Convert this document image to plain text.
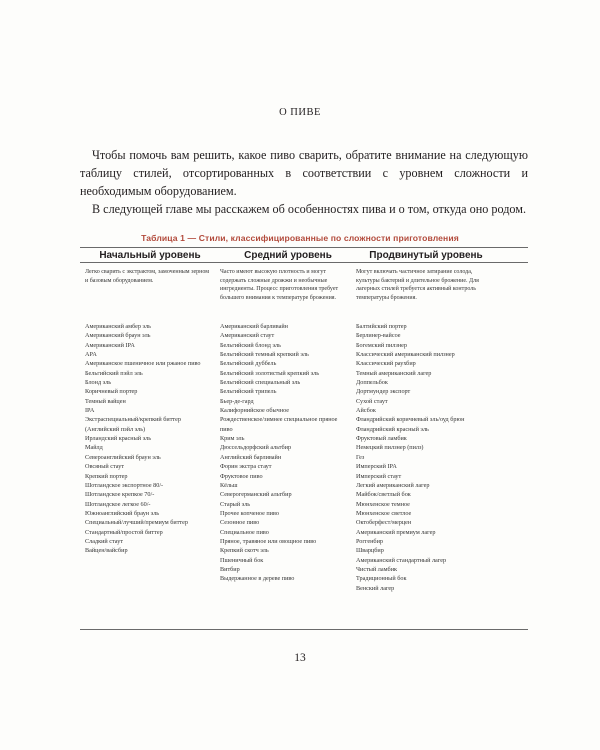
О ПИВЕ

Чтобы помочь вам решить, какое пиво сварить, обратите внимание на следующую таблицу стилей, отсортированных в соответствии с уровнем сложности и необходимым оборудованием.

В следующей главе мы расскажем об особенностях пива и о том, откуда оно родом.

Таблица 1 — Стили, классифицированные по сложности приготовления
Начальный уровень	Средний уровень	Продвинутый уровень
Легко сварить с экстрактом, замоченным зерном и базовым оборудованием.
Часто имеют высокую плотность и могут содержать сложные дрожжи и необычные ингредиенты. Процесс приготовления требует большего внимания к температуре брожения.
Могут включать частичное затирание солода, культуры бактерий и длительное брожение. Для лагерных стилей требуется активный контроль температуры брожения.
Американский амбер эль
Американский браун эль
Американский IPA
APA
Американское пшеничное или ржаное пиво
Бельгийский пэйл эль
Блонд эль
Коричневый портер
Темный вайцен
IPA
Экстраспециальный/крепкий биттер (Английский пэйл эль)
Ирландский красный эль
Майлд
Североанглийский браун эль
Овсяный стаут
Крепкий портер
Шотландское экспортное 80/-
Шотландское крепкое 70/-
Шотландское легкое 60/-
Южноанглийский браун эль
Специальный/лучший/премиум биттер
Стандартный/простой биттер
Сладкий стаут
Вайцен/вайсбир
Американский барливайн
Американский стаут
Бельгийский блонд эль
Бельгийский темный крепкий эль
Бельгийский дуббель
Бельгийский золотистый крепкий эль
Бельгийский специальный эль
Бельгийский трипель
Бьер-де-гард
Калифорнийское обычное
Рождественское/зимнее специальное пряное пиво
Крим эль
Дюссельдорфский альтбир
Английский барливайн
Форин экстра стаут
Фруктовое пиво
Кёльш
Северогерманский альтбир
Старый эль
Прочее копченое пиво
Сезонное пиво
Специальное пиво
Пряное, травяное или овощное пиво
Крепкий скотч эль
Пшеничный бок
Витбир
Выдержанное в дереве пиво
Балтийский портер
Берлинер-вайсое
Богемский пилзнер
Классический американский пилзнер
Классический раухбир
Темный американский лагер
Доппельбок
Дортмундер экспорт
Сухой стаут
Айсбок
Фландрийский коричневый эль/оуд брюн
Фландрийский красный эль
Фруктовый ламбик
Немецкий пилзнер (пилз)
Гез
Имперский IPA
Имперский стаут
Легкий американский лагер
Майбок/светлый бок
Мюнхенское темное
Мюнхенское светлое
Октоберфест/мерцен
Американский премиум лагер
Роггенбир
Шварцбир
Американский стандартный лагер
Чистый ламбик
Традиционный бок
Венский лагер
13
